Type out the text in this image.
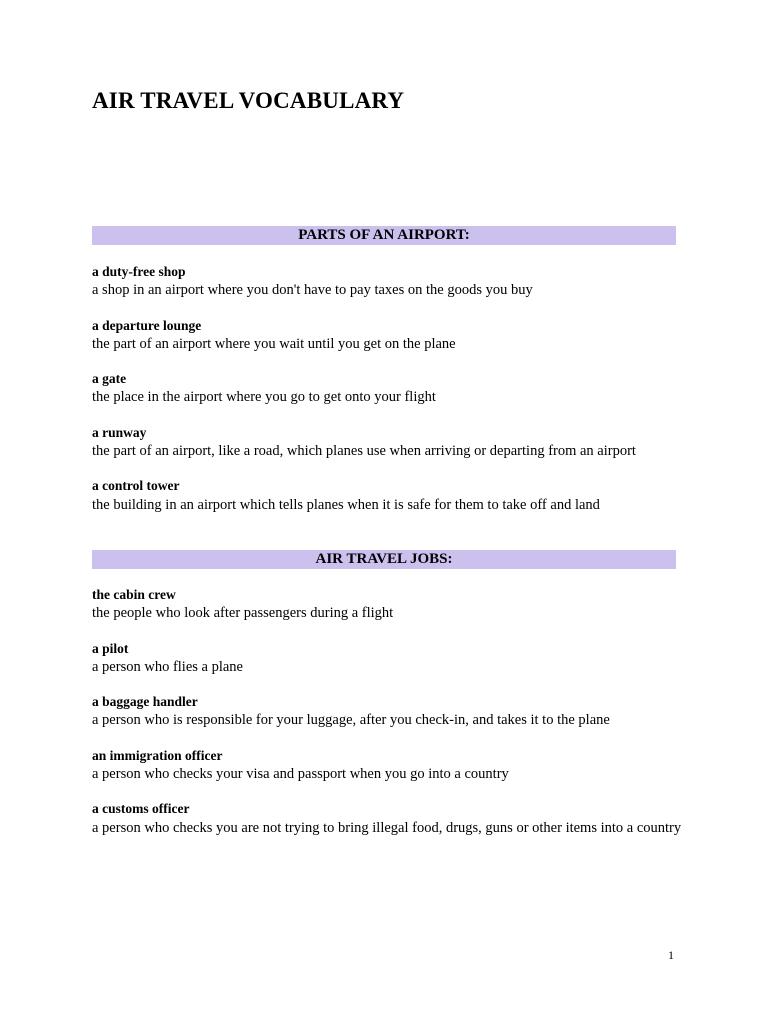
AIR TRAVEL VOCABULARY
PARTS OF AN AIRPORT:
a duty-free shop
a shop in an airport where you don't have to pay taxes on the goods you buy
a departure lounge
the part of an airport where you wait until you get on the plane
a gate
the place in the airport where you go to get onto your flight
a runway
the part of an airport, like a road, which planes use when arriving or departing from an airport
a control tower
the building in an airport which tells planes when it is safe for them to take off and land
AIR TRAVEL JOBS:
the cabin crew
the people who look after passengers during a flight
a pilot
a person who flies a plane
a baggage handler
a person who is responsible for your luggage, after you check-in, and takes it to the plane
an immigration officer
a person who checks your visa and passport when you go into a country
a customs officer
a person who checks you are not trying to bring illegal food, drugs, guns or other items into a country
1
